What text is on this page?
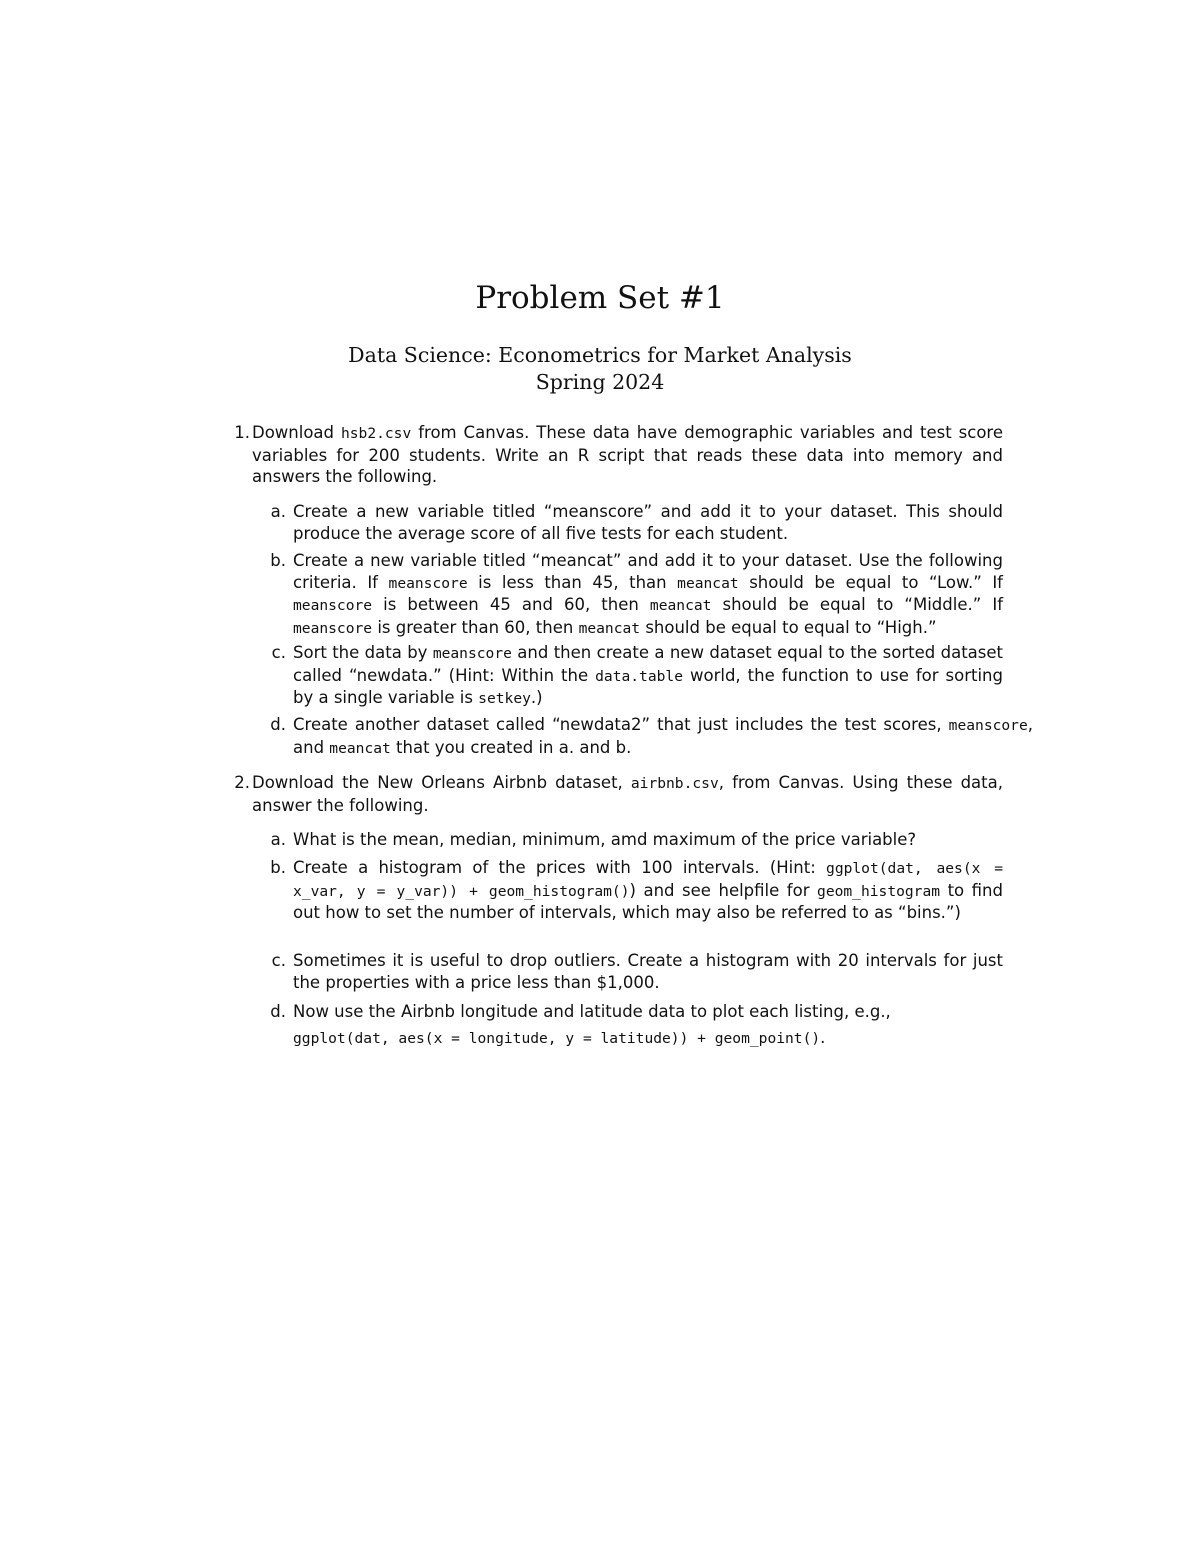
Problem Set #1
Data Science: Econometrics for Market Analysis
Spring 2024
1. Download hsb2.csv from Canvas. These data have demographic variables and test score variables for 200 students. Write an R script that reads these data into memory and answers the following.
a. Create a new variable titled “meanscore” and add it to your dataset. This should produce the average score of all five tests for each student.
b. Create a new variable titled “meancat” and add it to your dataset. Use the following criteria. If meanscore is less than 45, than meancat should be equal to “Low.” If meanscore is between 45 and 60, then meancat should be equal to “Middle.” If meanscore is greater than 60, then meancat should be equal to equal to “High.”
c. Sort the data by meanscore and then create a new dataset equal to the sorted dataset called “newdata.” (Hint: Within the data.table world, the function to use for sorting by a single variable is setkey.)
d. Create another dataset called “newdata2” that just includes the test scores, meanscore, and meancat that you created in a. and b.
2. Download the New Orleans Airbnb dataset, airbnb.csv, from Canvas. Using these data, answer the following.
a. What is the mean, median, minimum, amd maximum of the price variable?
b. Create a histogram of the prices with 100 intervals. (Hint: ggplot(dat, aes(x = x_var, y = y_var)) + geom_histogram()) and see helpfile for geom_histogram to find out how to set the number of intervals, which may also be referred to as “bins.”)
c. Sometimes it is useful to drop outliers. Create a histogram with 20 intervals for just the properties with a price less than $1,000.
d. Now use the Airbnb longitude and latitude data to plot each listing, e.g.,
ggplot(dat, aes(x = longitude, y = latitude)) + geom_point().
